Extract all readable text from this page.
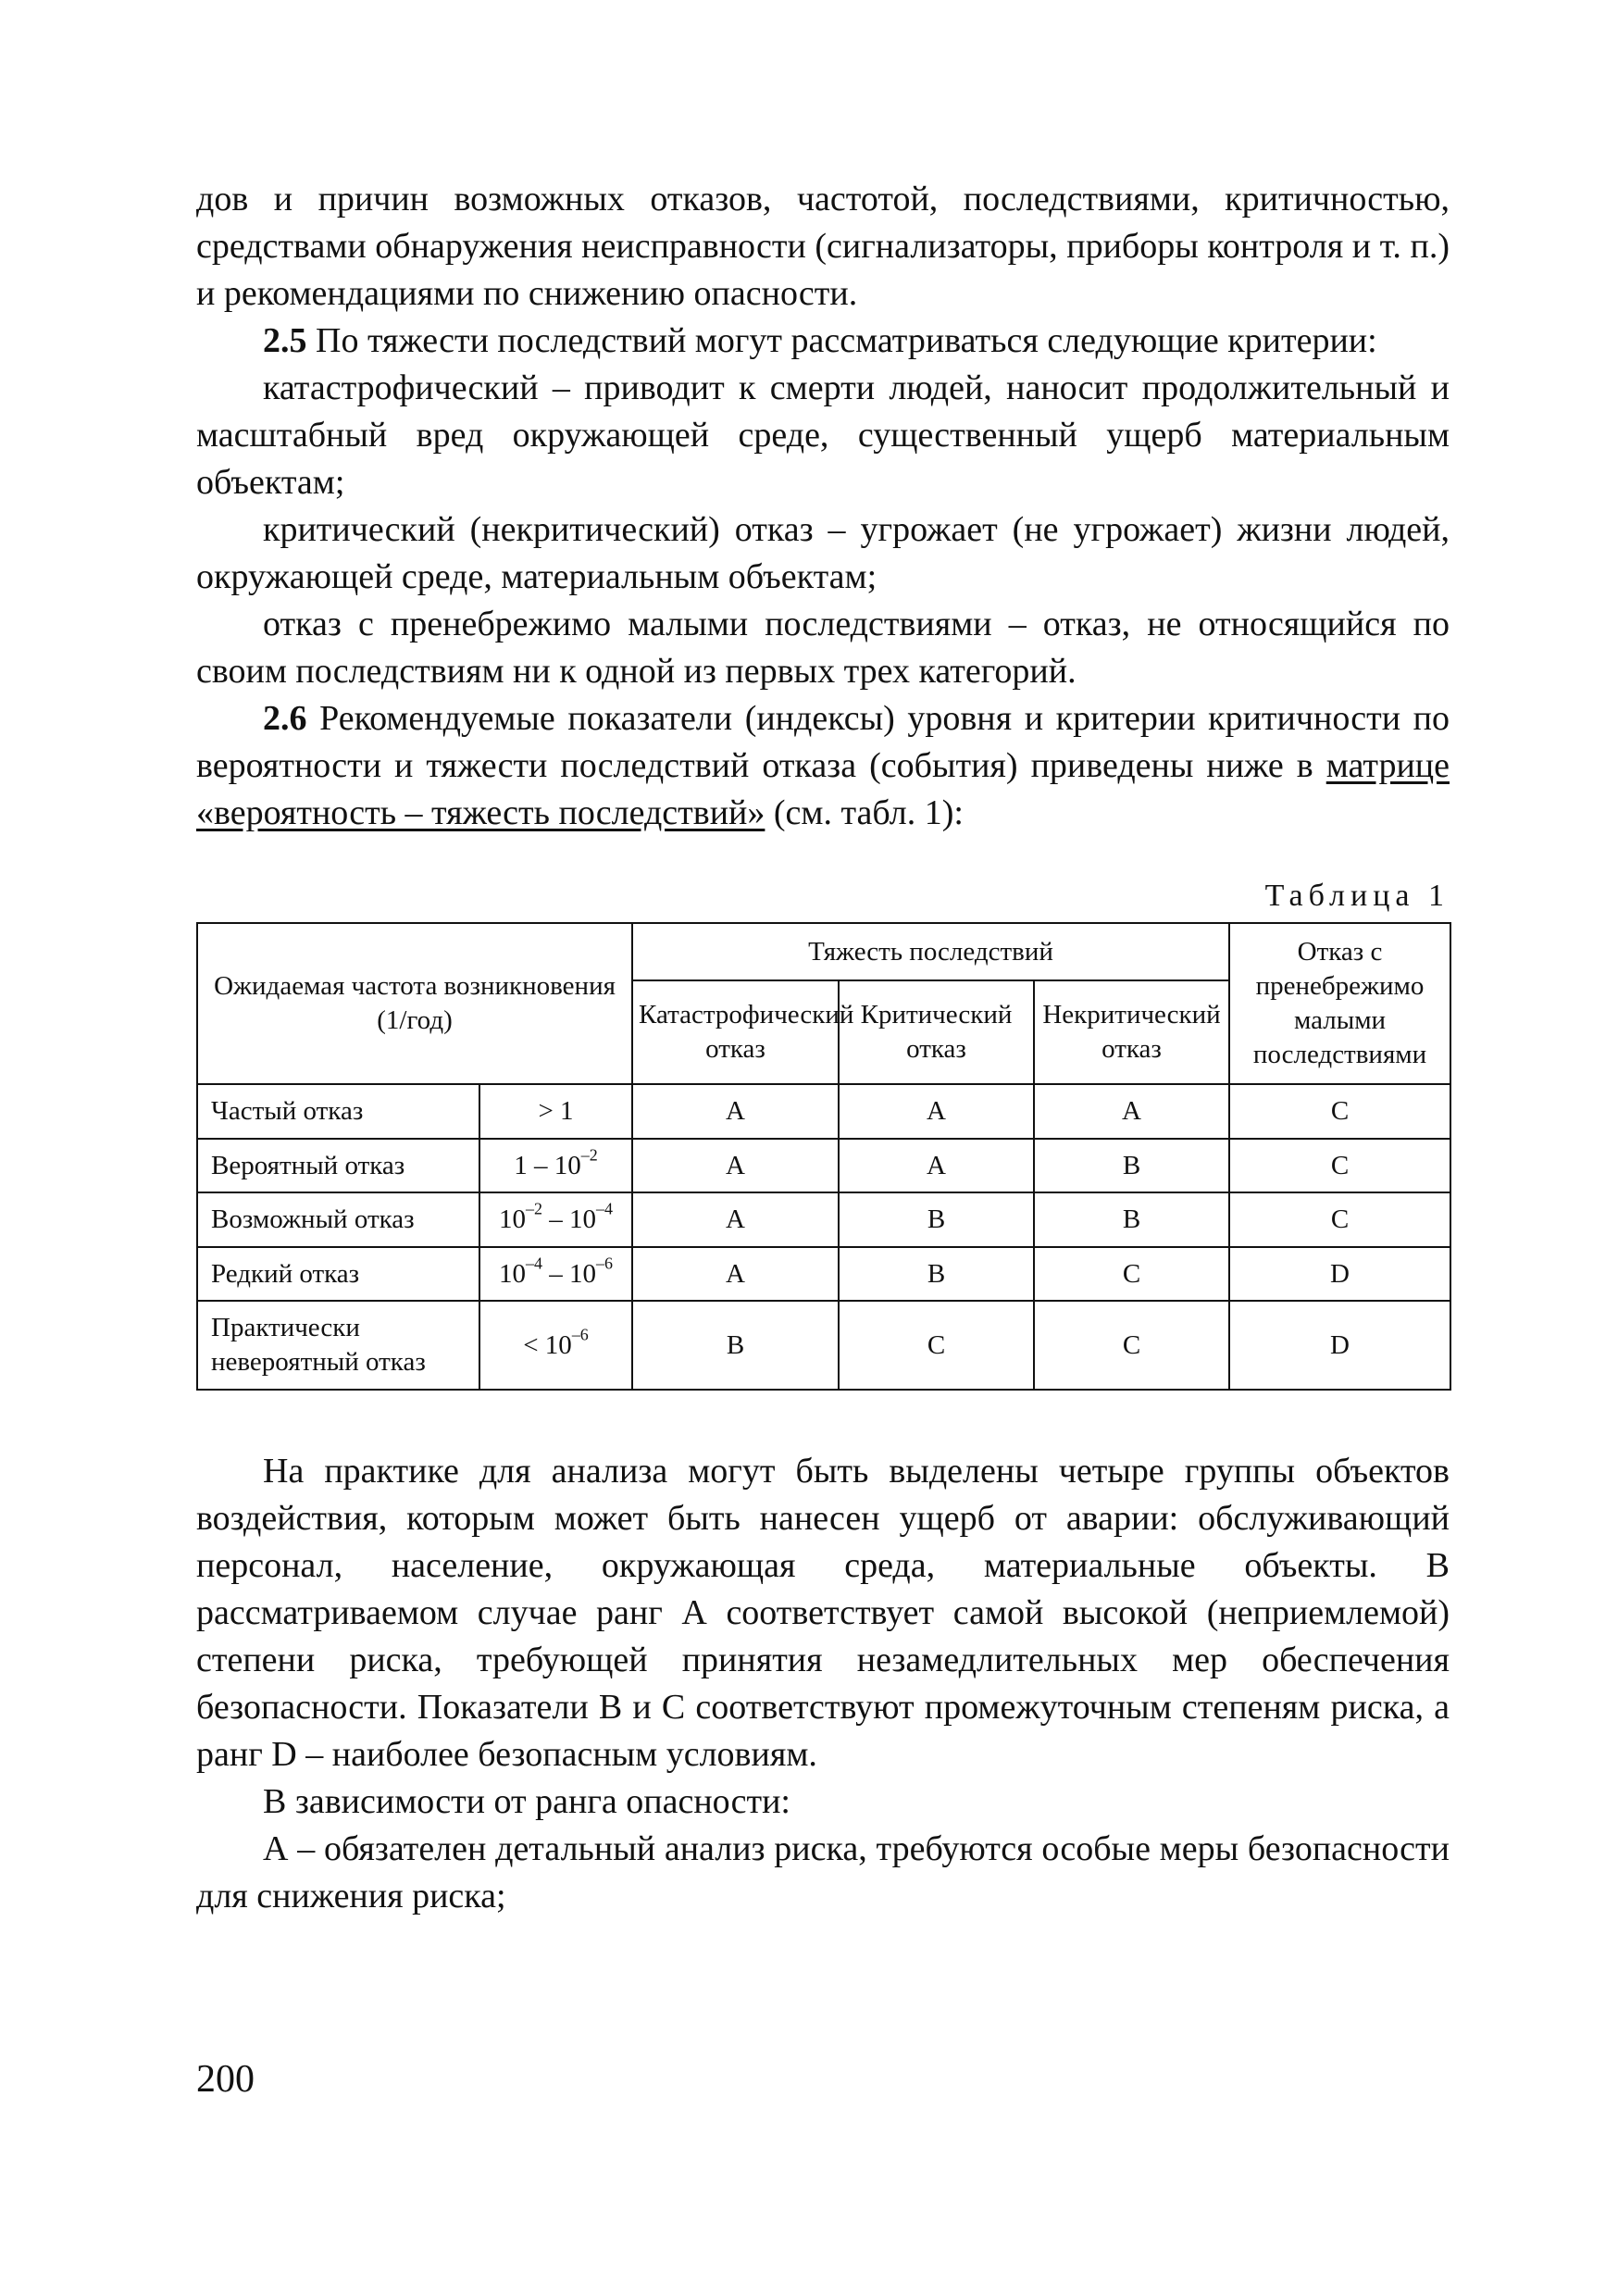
дов и причин возможных отказов, частотой, последствиями, критичностью, средствами обнаружения неисправности (сигнализаторы, приборы контроля и т. п.) и рекомендациями по снижению опасности.

2.5 По тяжести последствий могут рассматриваться следующие критерии:

катастрофический – приводит к смерти людей, наносит продолжительный и масштабный вред окружающей среде, существенный ущерб материальным объектам;

критический (некритический) отказ – угрожает (не угрожает) жизни людей, окружающей среде, материальным объектам;

отказ с пренебрежимо малыми последствиями – отказ, не относящийся по своим последствиям ни к одной из первых трех категорий.

2.6 Рекомендуемые показатели (индексы) уровня и критерии критичности по вероятности и тяжести последствий отказа (события) приведены ниже в матрице «вероятность – тяжесть последствий» (см. табл. 1):

Таблица 1
Ожидаемая частота возникновения (1/год)		Тяжесть последствий			Отказ с пренебрежимо малыми последствиями
		Катастрофический отказ	Критический отказ	Некритический отказ	
Частый отказ	> 1	A	A	A	C
Вероятный отказ	$1 - 10^{-2}$	A	A	B	C
Возможный отказ	$10^{-2} - 10^{-4}$	A	B	B	C
Редкий отказ	$10^{-4} - 10^{-6}$	A	B	C	D
Практически невероятный отказ	< $10^{-6}$	B	C	C	D

На практике для анализа могут быть выделены четыре группы объектов воздействия, которым может быть нанесен ущерб от аварии: обслуживающий персонал, население, окружающая среда, материальные объекты. В рассматриваемом случае ранг А соответствует самой высокой (неприемлемой) степени риска, требующей принятия незамедлительных мер обеспечения безопасности. Показатели В и С соответствуют промежуточным степеням риска, а ранг D – наиболее безопасным условиям.

В зависимости от ранга опасности:

А – обязателен детальный анализ риска, требуются особые меры безопасности для снижения риска;

200
